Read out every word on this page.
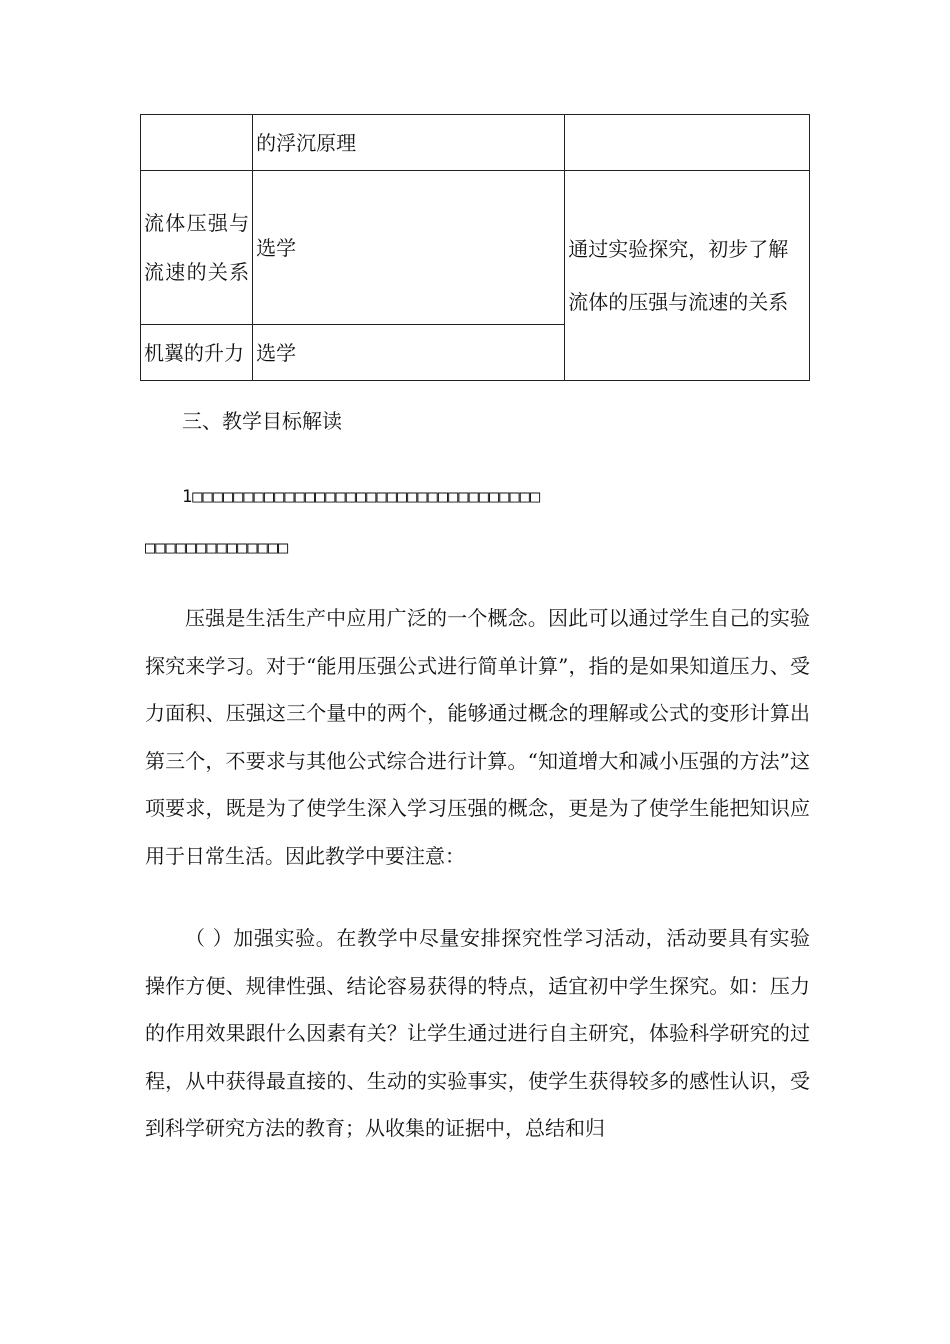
	的浮沉原理	
流体压强与流速的关系	选学	通过实验探究，初步了解流体的压强与流速的关系
机翼的升力	选学	
三、教学目标解读
1□□□□□□□□□□□□□□□□□□□□□□□□□□□□□□□□□□
□□□□□□□□□□□□□□

压强是生活生产中应用广泛的一个概念。因此可以通过学生自己的实验探究来学习。对于“能用压强公式进行简单计算”，指的是如果知道压力、受力面积、压强这三个量中的两个，能够通过概念的理解或公式的变形计算出第三个，不要求与其他公式综合进行计算。“知道增大和减小压强的方法”这项要求，既是为了使学生深入学习压强的概念，更是为了使学生能把知识应用于日常生活。因此教学中要注意：

（ ）加强实验。在教学中尽量安排探究性学习活动，活动要具有实验操作方便、规律性强、结论容易获得的特点，适宜初中学生探究。如：压力的作用效果跟什么因素有关？让学生通过进行自主研究，体验科学研究的过程，从中获得最直接的、生动的实验事实，使学生获得较多的感性认识，受到科学研究方法的教育；从收集的证据中，总结和归
